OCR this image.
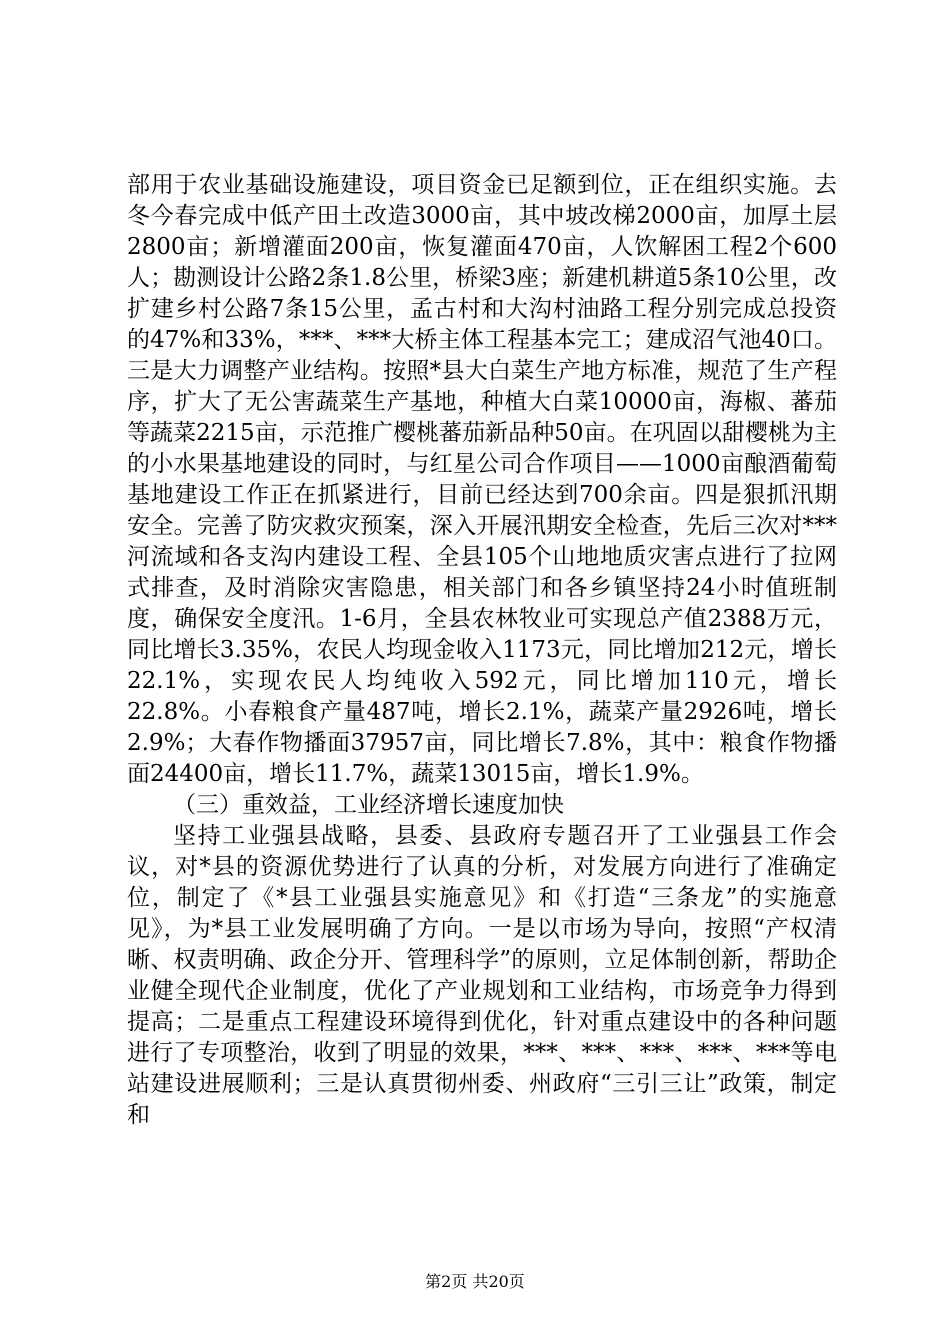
部用于农业基础设施建设，项目资金已足额到位，正在组织实施。去冬今春完成中低产田土改造3000亩，其中坡改梯2000亩，加厚土层2800亩；新增灌面200亩，恢复灌面470亩，人饮解困工程2个600人；勘测设计公路2条1.8公里，桥梁3座；新建机耕道5条10公里，改扩建乡村公路7条15公里，孟古村和大沟村油路工程分别完成总投资的47%和33%，***、***大桥主体工程基本完工；建成沼气池40口。三是大力调整产业结构。按照*县大白菜生产地方标准，规范了生产程序，扩大了无公害蔬菜生产基地，种植大白菜10000亩，海椒、蕃茄等蔬菜2215亩，示范推广樱桃蕃茄新品种50亩。在巩固以甜樱桃为主的小水果基地建设的同时，与红星公司合作项目——1000亩酿酒葡萄基地建设工作正在抓紧进行，目前已经达到700余亩。四是狠抓汛期安全。完善了防灾救灾预案，深入开展汛期安全检查，先后三次对***河流域和各支沟内建设工程、全县105个山地地质灾害点进行了拉网式排查，及时消除灾害隐患，相关部门和各乡镇坚持24小时值班制度，确保安全度汛。1-6月，全县农林牧业可实现总产值2388万元，同比增长3.35%，农民人均现金收入1173元，同比增加212元，增长22.1%，实现农民人均纯收入592元，同比增加110元，增长22.8%。小春粮食产量487吨，增长2.1%，蔬菜产量2926吨，增长2.9%；大春作物播面37957亩，同比增长7.8%，其中：粮食作物播面24400亩，增长11.7%，蔬菜13015亩，增长1.9%。

（三）重效益，工业经济增长速度加快

坚持工业强县战略，县委、县政府专题召开了工业强县工作会议，对*县的资源优势进行了认真的分析，对发展方向进行了准确定位，制定了《*县工业强县实施意见》和《打造“三条龙”的实施意见》，为*县工业发展明确了方向。一是以市场为导向，按照“产权清晰、权责明确、政企分开、管理科学”的原则，立足体制创新，帮助企业健全现代企业制度，优化了产业规划和工业结构，市场竞争力得到提高；二是重点工程建设环境得到优化，针对重点建设中的各种问题进行了专项整治，收到了明显的效果，***、***、***、***、***等电站建设进展顺利；三是认真贯彻州委、州政府“三引三让”政策，制定和

第2页 共20页
